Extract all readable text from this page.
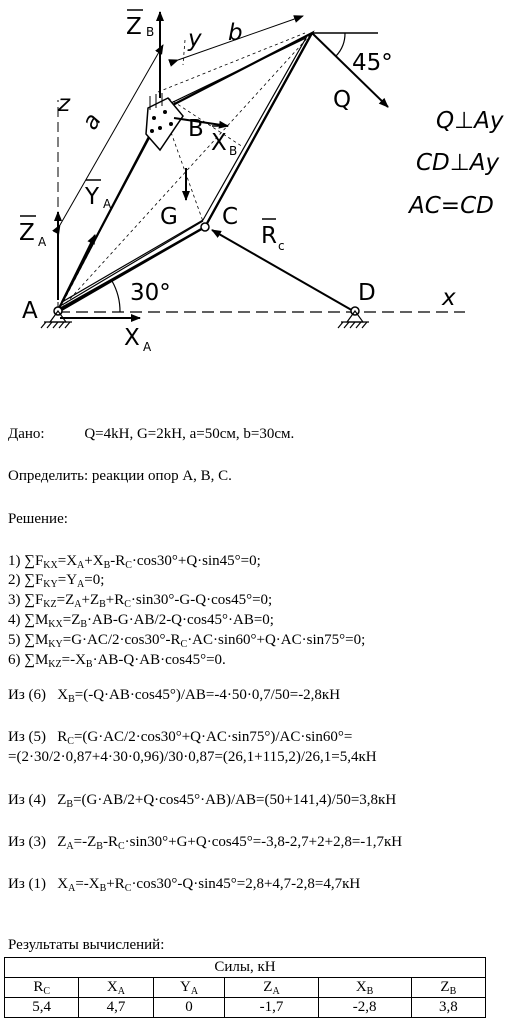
A
B
C
D
G
Q
x
y
z
a
b
30°
45°
Z B
Z A
Y A
X A
X B
R c
Q⊥Ay
CD⊥Ay
AC=CD
Дано:	Q=4kH, G=2kH, a=50см, b=30см.
Определить: реакции опор A, B, C.
Решение:
1) $\sum F_{KX}=X_A+X_B-R_C\cdot\cos 30^\circ+Q\cdot\sin 45^\circ=0$;
2) $\sum F_{KY}=Y_A=0$;
3) $\sum F_{KZ}=Z_A+Z_B+R_C\cdot\sin 30^\circ-G-Q\cdot\cos 45^\circ=0$;
4) $\sum M_{KX}=Z_B\cdot AB-G\cdot AB/2-Q\cdot\cos 45^\circ\cdot AB=0$;
5) $\sum M_{KY}=G\cdot AC/2\cdot\cos 30^\circ-R_C\cdot AC\cdot\sin 60^\circ+Q\cdot AC\cdot\sin 75^\circ=0$;
6) $\sum M_{KZ}=-X_B\cdot AB-Q\cdot AB\cdot\cos 45^\circ=0$.
Из (6)   $X_B=(-Q\cdot AB\cdot\cos 45^\circ)/AB=-4\cdot 50\cdot 0,7/50=-2,8кН$
Из (5)   $R_C=(G\cdot AC/2\cdot\cos 30^\circ+Q\cdot AC\cdot\sin 75^\circ)/AC\cdot\sin 60^\circ=$
=(2·30/2·0,87+4·30·0,96)/30·0,87=(26,1+115,2)/26,1=5,4кН
Из (4)   $Z_B=(G\cdot AB/2+Q\cdot\cos 45^\circ\cdot AB)/AB=(50+141,4)/50=3,8кН$
Из (3)   $Z_A=-Z_B-R_C\cdot\sin 30^\circ+G+Q\cdot\cos 45^\circ=-3,8-2,7+2+2,8=-1,7кН$
Из (1)   $X_A=-X_B+R_C\cdot\cos 30^\circ-Q\cdot\sin 45^\circ=2,8+4,7-2,8=4,7кН$
Результаты вычислений:
Силы, кН					
$R_C$	$X_A$	$Y_A$	$Z_A$	$X_B$	$Z_B$
5,4	4,7	0	-1,7	-2,8	3,8
